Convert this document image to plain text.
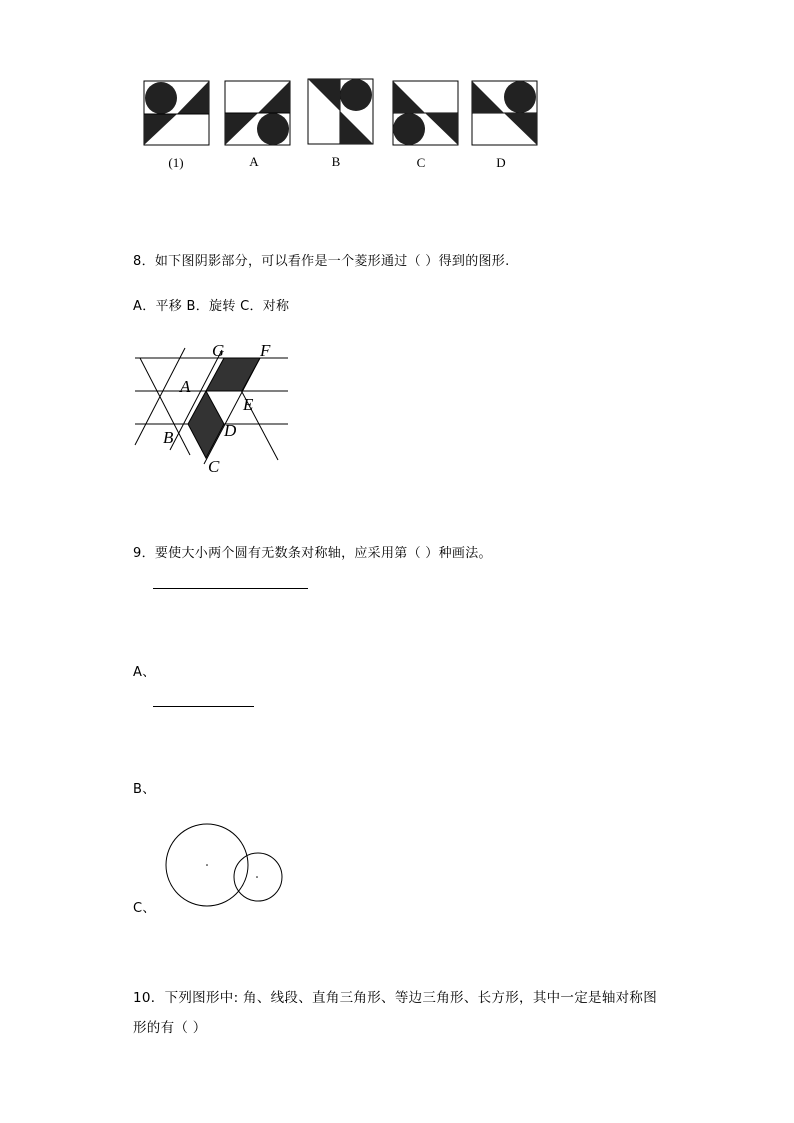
(1)	A	B	C	D
8．如下图阴影部分，可以看作是一个菱形通过（ ）得到的图形.
A．平移 B．旋转 C．对称
G F
A
E
B	D
C
9．要使大小两个圆有无数条对称轴，应采用第（ ）种画法。
A、
B、
C、
10．下列图形中: 角、线段、直角三角形、等边三角形、长方形，其中一定是轴对称图
形的有（ ）
